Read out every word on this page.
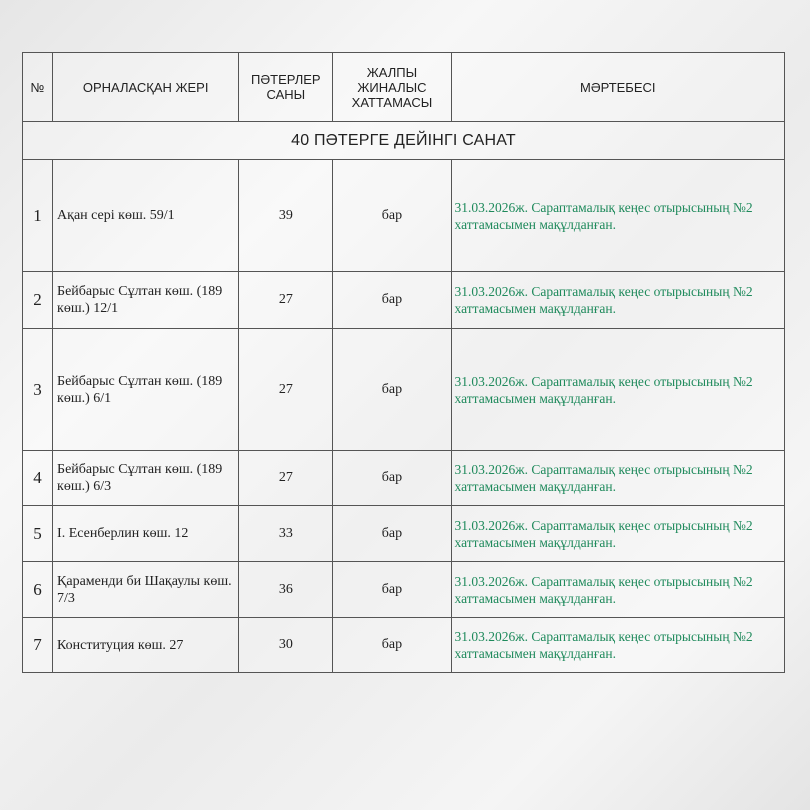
№	ОРНАЛАСҚАН ЖЕРІ	ПӘТЕРЛЕР САНЫ	ЖАЛПЫ ЖИНАЛЫС ХАТТАМАСЫ	МӘРТЕБЕСІ
40 ПӘТЕРГЕ ДЕЙІНГІ САНАТ				
1	Ақан сері көш. 59/1	39	бар	31.03.2026ж. Сараптамалық кеңес отырысының №2 хаттамасымен мақұлданған.
2	Бейбарыс Сұлтан көш. (189 көш.) 12/1	27	бар	31.03.2026ж. Сараптамалық кеңес отырысының №2 хаттамасымен мақұлданған.
3	Бейбарыс Сұлтан көш. (189 көш.) 6/1	27	бар	31.03.2026ж. Сараптамалық кеңес отырысының №2 хаттамасымен мақұлданған.
4	Бейбарыс Сұлтан көш. (189 көш.) 6/3	27	бар	31.03.2026ж. Сараптамалық кеңес отырысының №2 хаттамасымен мақұлданған.
5	І. Есенберлин көш. 12	33	бар	31.03.2026ж. Сараптамалық кеңес отырысының №2 хаттамасымен мақұлданған.
6	Қараменди би Шақаулы көш. 7/3	36	бар	31.03.2026ж. Сараптамалық кеңес отырысының №2 хаттамасымен мақұлданған.
7	Конституция көш. 27	30	бар	31.03.2026ж. Сараптамалық кеңес отырысының №2 хаттамасымен мақұлданған.
